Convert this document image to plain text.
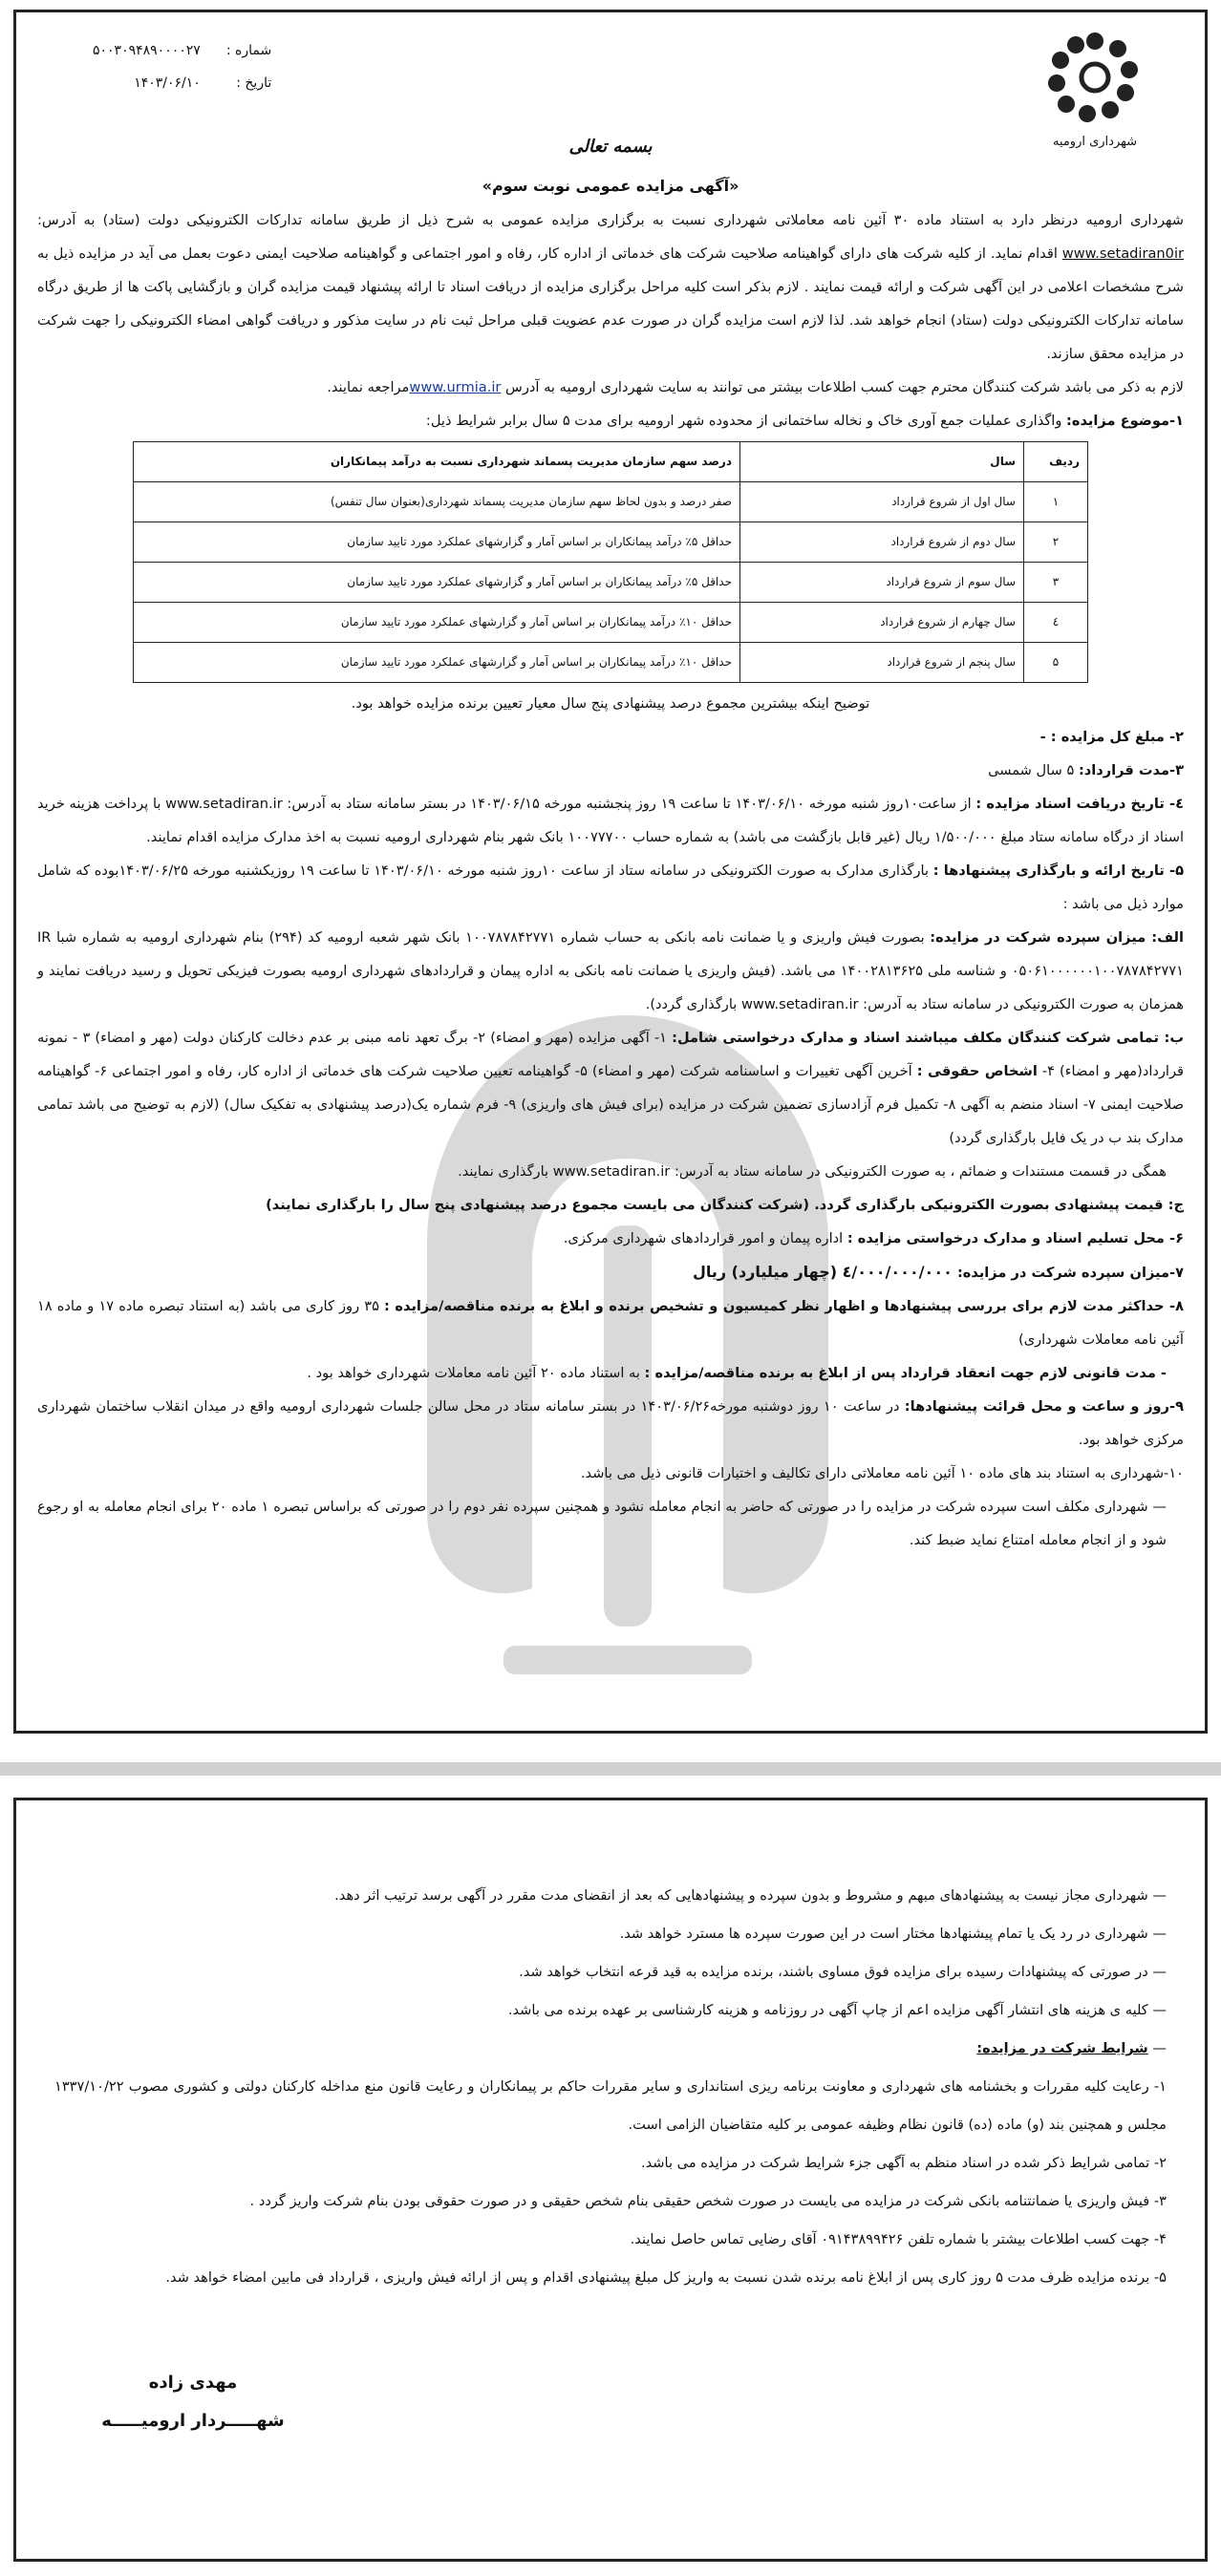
شماره : ۵۰۰۳۰۹۴۸۹۰۰۰۰۲۷
تاریخ : ۱۴۰۳/۰۶/۱۰
شهرداری ارومیه
بسمه تعالی
«آگهی مزایده عمومی نوبت سوم»

شهرداری ارومیه درنظر دارد به استناد ماده ۳۰ آئین نامه معاملاتی شهرداری نسبت به برگزاری مزایده عمومی به شرح ذیل از طریق سامانه تدارکات الکترونیکی دولت (ستاد) به آدرس: www.setadiran0ir اقدام نماید. از کلیه شرکت های دارای گواهینامه صلاحیت شرکت های خدماتی از اداره کار، رفاه و امور اجتماعی و گواهینامه صلاحیت ایمنی دعوت بعمل می آید در مزایده ذیل به شرح مشخصات اعلامی در این آگهی شرکت و ارائه قیمت نمایند . لازم بذکر است کلیه مراحل برگزاری مزایده از دریافت اسناد تا ارائه پیشنهاد قیمت مزایده گران و بازگشایی پاکت ها از طریق درگاه سامانه تدارکات الکترونیکی دولت (ستاد) انجام خواهد شد. لذا لازم است مزایده گران در صورت عدم عضویت قبلی مراحل ثبت نام در سایت مذکور و دریافت گواهی امضاء الکترونیکی را جهت شرکت در مزایده محقق سازند.

لازم به ذکر می باشد شرکت کنندگان محترم جهت کسب اطلاعات بیشتر می توانند به سایت شهرداری ارومیه به آدرس www.urmia.irمراجعه نمایند.

۱-موضوع مزایده: واگذاری عملیات جمع آوری خاک و نخاله ساختمانی از محدوده شهر ارومیه برای مدت ۵ سال برابر شرایط ذیل:

ردیف	سال	درصد سهم سازمان مدیریت پسماند شهرداری نسبت به درآمد پیمانکاران
۱	سال اول از شروع قرارداد	صفر درصد و بدون لحاظ سهم سازمان مدیریت پسماند شهرداری(بعنوان سال تنفس)
۲	سال دوم از شروع قرارداد	حداقل ۵٪ درآمد پیمانکاران بر اساس آمار و گزارشهای عملکرد مورد تایید سازمان
۳	سال سوم از شروع قرارداد	حداقل ۵٪ درآمد پیمانکاران بر اساس آمار و گزارشهای عملکرد مورد تایید سازمان
٤	سال چهارم از شروع قرارداد	حداقل ۱۰٪ درآمد پیمانکاران بر اساس آمار و گزارشهای عملکرد مورد تایید سازمان
۵	سال پنجم از شروع قرارداد	حداقل ۱۰٪ درآمد پیمانکاران بر اساس آمار و گزارشهای عملکرد مورد تایید سازمان

توضیح اینکه بیشترین مجموع درصد پیشنهادی پنج سال معیار تعیین برنده مزایده خواهد بود.

۲- مبلغ کل مزایده : -

۳-مدت قرارداد: ۵ سال شمسی

٤- تاریخ دریافت اسناد مزایده : از ساعت۱۰روز شنبه مورخه ۱۴۰۳/۰۶/۱۰ تا ساعت ۱۹ روز پنجشنبه مورخه ۱۴۰۳/۰۶/۱۵ در بستر سامانه ستاد به آدرس: www.setadiran.ir با پرداخت هزینه خرید اسناد از درگاه سامانه ستاد مبلغ ۱/۵۰۰/۰۰۰ ریال (غیر قابل بازگشت می باشد) به شماره حساب ۱۰۰۷۷۷۰۰ بانک شهر بنام شهرداری ارومیه نسبت به اخذ مدارک مزایده اقدام نمایند.

۵- تاریخ ارائه و بارگذاری پیشنهادها : بارگذاری مدارک به صورت الکترونیکی در سامانه ستاد از ساعت ۱۰روز شنبه مورخه ۱۴۰۳/۰۶/۱۰ تا ساعت ۱۹ روزیکشنبه مورخه ۱۴۰۳/۰۶/۲۵بوده که شامل موارد ذیل می باشد :

الف: میزان سپرده شرکت در مزایده: بصورت فیش واریزی و یا ضمانت نامه بانکی به حساب شماره ۱۰۰۷۸۷۸۴۲۷۷۱ بانک شهر شعبه ارومیه کد (۲۹۴) بنام شهرداری ارومیه به شماره شبا IR ۰۵۰۶۱۰۰۰۰۰۰۱۰۰۷۸۷۸۴۲۷۷۱ و شناسه ملی ۱۴۰۰۲۸۱۳۶۲۵ می باشد. (فیش واریزی یا ضمانت نامه بانکی به اداره پیمان و قراردادهای شهرداری ارومیه بصورت فیزیکی تحویل و رسید دریافت نمایند و همزمان به صورت الکترونیکی در سامانه ستاد به آدرس: www.setadiran.ir بارگذاری گردد).

ب: تمامی شرکت کنندگان مکلف میباشند اسناد و مدارک درخواستی شامل: ۱- آگهی مزایده (مهر و امضاء) ۲- برگ تعهد نامه مبنی بر عدم دخالت کارکنان دولت (مهر و امضاء) ۳ - نمونه قرارداد(مهر و امضاء) ۴- اشخاص حقوقی : آخرین آگهی تغییرات و اساسنامه شرکت (مهر و امضاء) ۵- گواهینامه تعیین صلاحیت شرکت های خدماتی از اداره کار، رفاه و امور اجتماعی ۶- گواهینامه صلاحیت ایمنی ۷- اسناد منضم به آگهی ۸- تکمیل فرم آزادسازی تضمین شرکت در مزایده (برای فیش های واریزی) ۹- فرم شماره یک(درصد پیشنهادی به تفکیک سال) (لازم به توضیح می باشد تمامی مدارک بند ب در یک فایل بارگذاری گردد)

همگی در قسمت مستندات و ضمائم ، به صورت الکترونیکی در سامانه ستاد به آدرس: www.setadiran.ir بارگذاری نمایند.

ج: قیمت پیشنهادی بصورت الکترونیکی بارگذاری گردد. (شرکت کنندگان می بایست مجموع درصد پیشنهادی پنج سال را بارگذاری نمایند)

۶- محل تسلیم اسناد و مدارک درخواستی مزایده : اداره پیمان و امور قراردادهای شهرداری مرکزی.

۷-میزان سپرده شرکت در مزایده: ٤/۰۰۰/۰۰۰/۰۰۰ (چهار میلیارد) ریال

۸- حداکثر مدت لازم برای بررسی پیشنهادها و اظهار نظر کمیسیون و تشخیص برنده و ابلاغ به برنده مناقصه/مزایده : ۳۵ روز کاری می باشد (به استناد تبصره ماده ۱۷ و ماده ۱۸ آئین نامه معاملات شهرداری)

- مدت قانونی لازم جهت انعقاد قرارداد پس از ابلاغ به برنده مناقصه/مزایده : به استناد ماده ۲۰ آئین نامه معاملات شهرداری خواهد بود .

۹-روز و ساعت و محل قرائت پیشنهادها: در ساعت ۱۰ روز دوشنبه مورخه۱۴۰۳/۰۶/۲۶ در بستر سامانه ستاد در محل سالن جلسات شهرداری ارومیه واقع در میدان انقلاب ساختمان شهرداری مرکزی خواهد بود.

۱۰-شهرداری به استناد بند های ماده ۱۰ آئین نامه معاملاتی دارای تکالیف و اختیارات قانونی ذیل می باشد.

— شهرداری مکلف است سپرده شرکت در مزایده را در صورتی که حاضر به انجام معامله نشود و همچنین سپرده نفر دوم را در صورتی که براساس تبصره ۱ ماده ۲۰ برای انجام معامله به او رجوع شود و از انجام معامله امتناع نماید ضبط کند.

— شهرداری مجاز نیست به پیشنهادهای مبهم و مشروط و بدون سپرده و پیشنهادهایی که بعد از انقضای مدت مقرر در آگهی برسد ترتیب اثر دهد.

— شهرداری در رد یک یا تمام پیشنهادها مختار است در این صورت سپرده ها مسترد خواهد شد.

— در صورتی که پیشنهادات رسیده برای مزایده فوق مساوی باشند، برنده مزایده به قید قرعه انتخاب خواهد شد.

— کلیه ی هزینه های انتشار آگهی مزایده اعم از چاپ آگهی در روزنامه و هزینه کارشناسی بر عهده برنده می باشد.

— شرایط شرکت در مزایده:

۱- رعایت کلیه مقررات و بخشنامه های شهرداری و معاونت برنامه ریزی استانداری و سایر مقررات حاکم بر پیمانکاران و رعایت قانون منع مداخله کارکنان دولتی و کشوری مصوب ۱۳۳۷/۱۰/۲۲ مجلس و همچنین بند (و) ماده (ده) قانون نظام وظیفه عمومی بر کلیه متقاضیان الزامی است.

۲- تمامی شرایط ذکر شده در اسناد منظم به آگهی جزء شرایط شرکت در مزایده می باشد.

۳- فیش واریزی یا ضمانتنامه بانکی شرکت در مزایده می بایست در صورت شخص حقیقی بنام شخص حقیقی و در صورت حقوقی بودن بنام شرکت واریز گردد .

۴- جهت کسب اطلاعات بیشتر با شماره تلفن ۰۹۱۴۳۸۹۹۴۲۶ آقای رضایی تماس حاصل نمایند.

۵- برنده مزایده ظرف مدت ۵ روز کاری پس از ابلاغ نامه برنده شدن نسبت به واریز کل مبلغ پیشنهادی اقدام و پس از ارائه فیش واریزی ، قرارداد فی مابین امضاء خواهد شد.

مهدی زاده
شهـــــردار ارومیـــــه
